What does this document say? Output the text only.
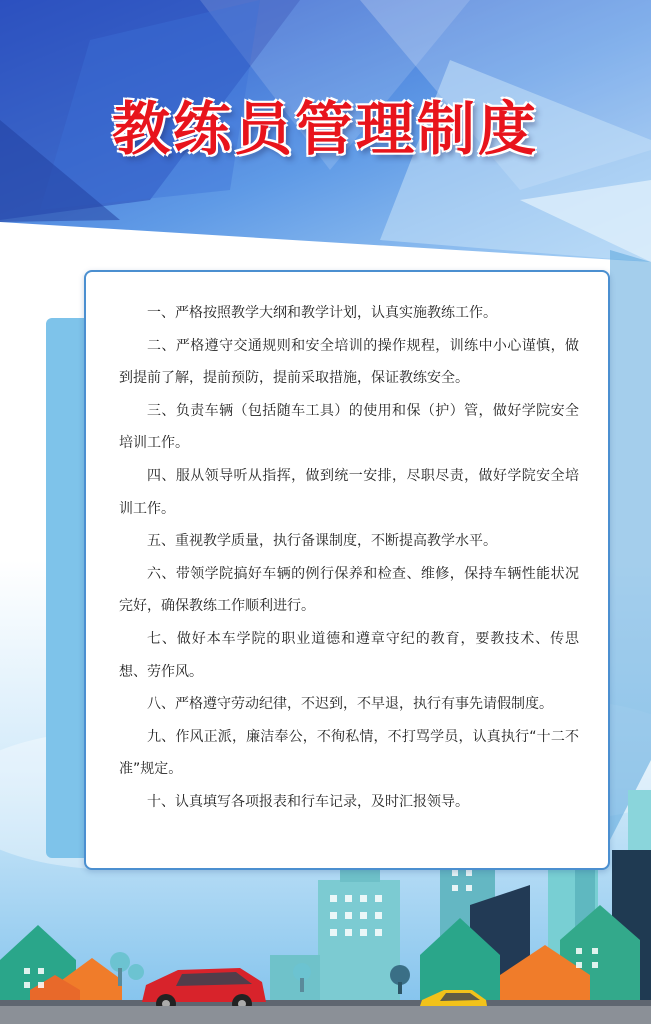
教练员管理制度
一、严格按照教学大纲和教学计划，认真实施教练工作。
二、严格遵守交通规则和安全培训的操作规程，训练中小心谨慎，做到提前了解，提前预防，提前采取措施，保证教练安全。
三、负责车辆（包括随车工具）的使用和保（护）管，做好学院安全培训工作。
四、服从领导听从指挥，做到统一安排，尽职尽责，做好学院安全培训工作。
五、重视教学质量，执行备课制度，不断提高教学水平。
六、带领学院搞好车辆的例行保养和检查、维修，保持车辆性能状况完好，确保教练工作顺利进行。
七、做好本车学院的职业道德和遵章守纪的教育，要教技术、传思想、劳作风。
八、严格遵守劳动纪律，不迟到，不早退，执行有事先请假制度。
九、作风正派，廉洁奉公，不徇私情，不打骂学员，认真执行“十二不准”规定。
十、认真填写各项报表和行车记录，及时汇报领导。
